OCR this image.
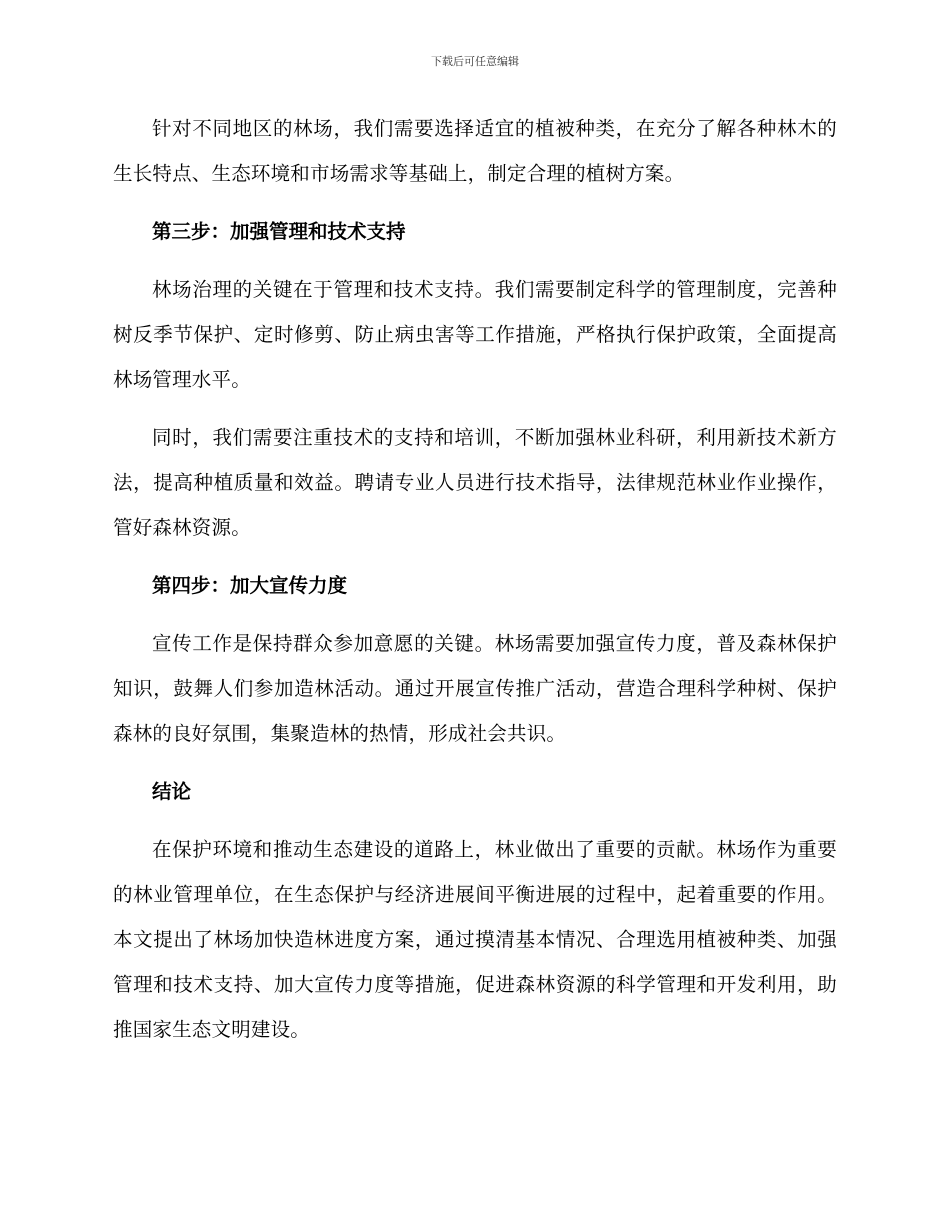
下载后可任意编辑

针对不同地区的林场，我们需要选择适宜的植被种类，在充分了解各种林木的生长特点、生态环境和市场需求等基础上，制定合理的植树方案。

第三步：加强管理和技术支持

林场治理的关键在于管理和技术支持。我们需要制定科学的管理制度，完善种树反季节保护、定时修剪、防止病虫害等工作措施，严格执行保护政策，全面提高林场管理水平。

同时，我们需要注重技术的支持和培训，不断加强林业科研，利用新技术新方法，提高种植质量和效益。聘请专业人员进行技术指导，法律规范林业作业操作，管好森林资源。

第四步：加大宣传力度

宣传工作是保持群众参加意愿的关键。林场需要加强宣传力度，普及森林保护知识，鼓舞人们参加造林活动。通过开展宣传推广活动，营造合理科学种树、保护森林的良好氛围，集聚造林的热情，形成社会共识。

结论

在保护环境和推动生态建设的道路上，林业做出了重要的贡献。林场作为重要的林业管理单位，在生态保护与经济进展间平衡进展的过程中，起着重要的作用。本文提出了林场加快造林进度方案，通过摸清基本情况、合理选用植被种类、加强管理和技术支持、加大宣传力度等措施，促进森林资源的科学管理和开发利用，助推国家生态文明建设。
